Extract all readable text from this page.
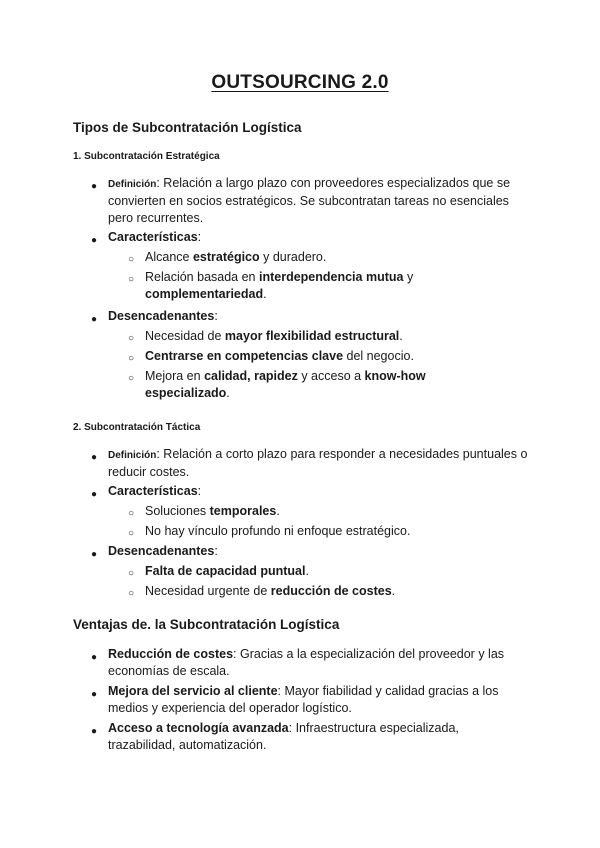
OUTSOURCING 2.0
Tipos de Subcontratación Logística
1. Subcontratación Estratégica
● Definición: Relación a largo plazo con proveedores especializados que se convierten en socios estratégicos. Se subcontratan tareas no esenciales pero recurrentes.
● Características:
○ Alcance estratégico y duradero.
○ Relación basada en interdependencia mutua y complementariedad.
● Desencadenantes:
○ Necesidad de mayor flexibilidad estructural.
○ Centrarse en competencias clave del negocio.
○ Mejora en calidad, rapidez y acceso a know-how especializado.
2. Subcontratación Táctica
● Definición: Relación a corto plazo para responder a necesidades puntuales o reducir costes.
● Características:
○ Soluciones temporales.
○ No hay vínculo profundo ni enfoque estratégico.
● Desencadenantes:
○ Falta de capacidad puntual.
○ Necesidad urgente de reducción de costes.
Ventajas de. la Subcontratación Logística
● Reducción de costes: Gracias a la especialización del proveedor y las economías de escala.
● Mejora del servicio al cliente: Mayor fiabilidad y calidad gracias a los medios y experiencia del operador logístico.
● Acceso a tecnología avanzada: Infraestructura especializada, trazabilidad, automatización.
